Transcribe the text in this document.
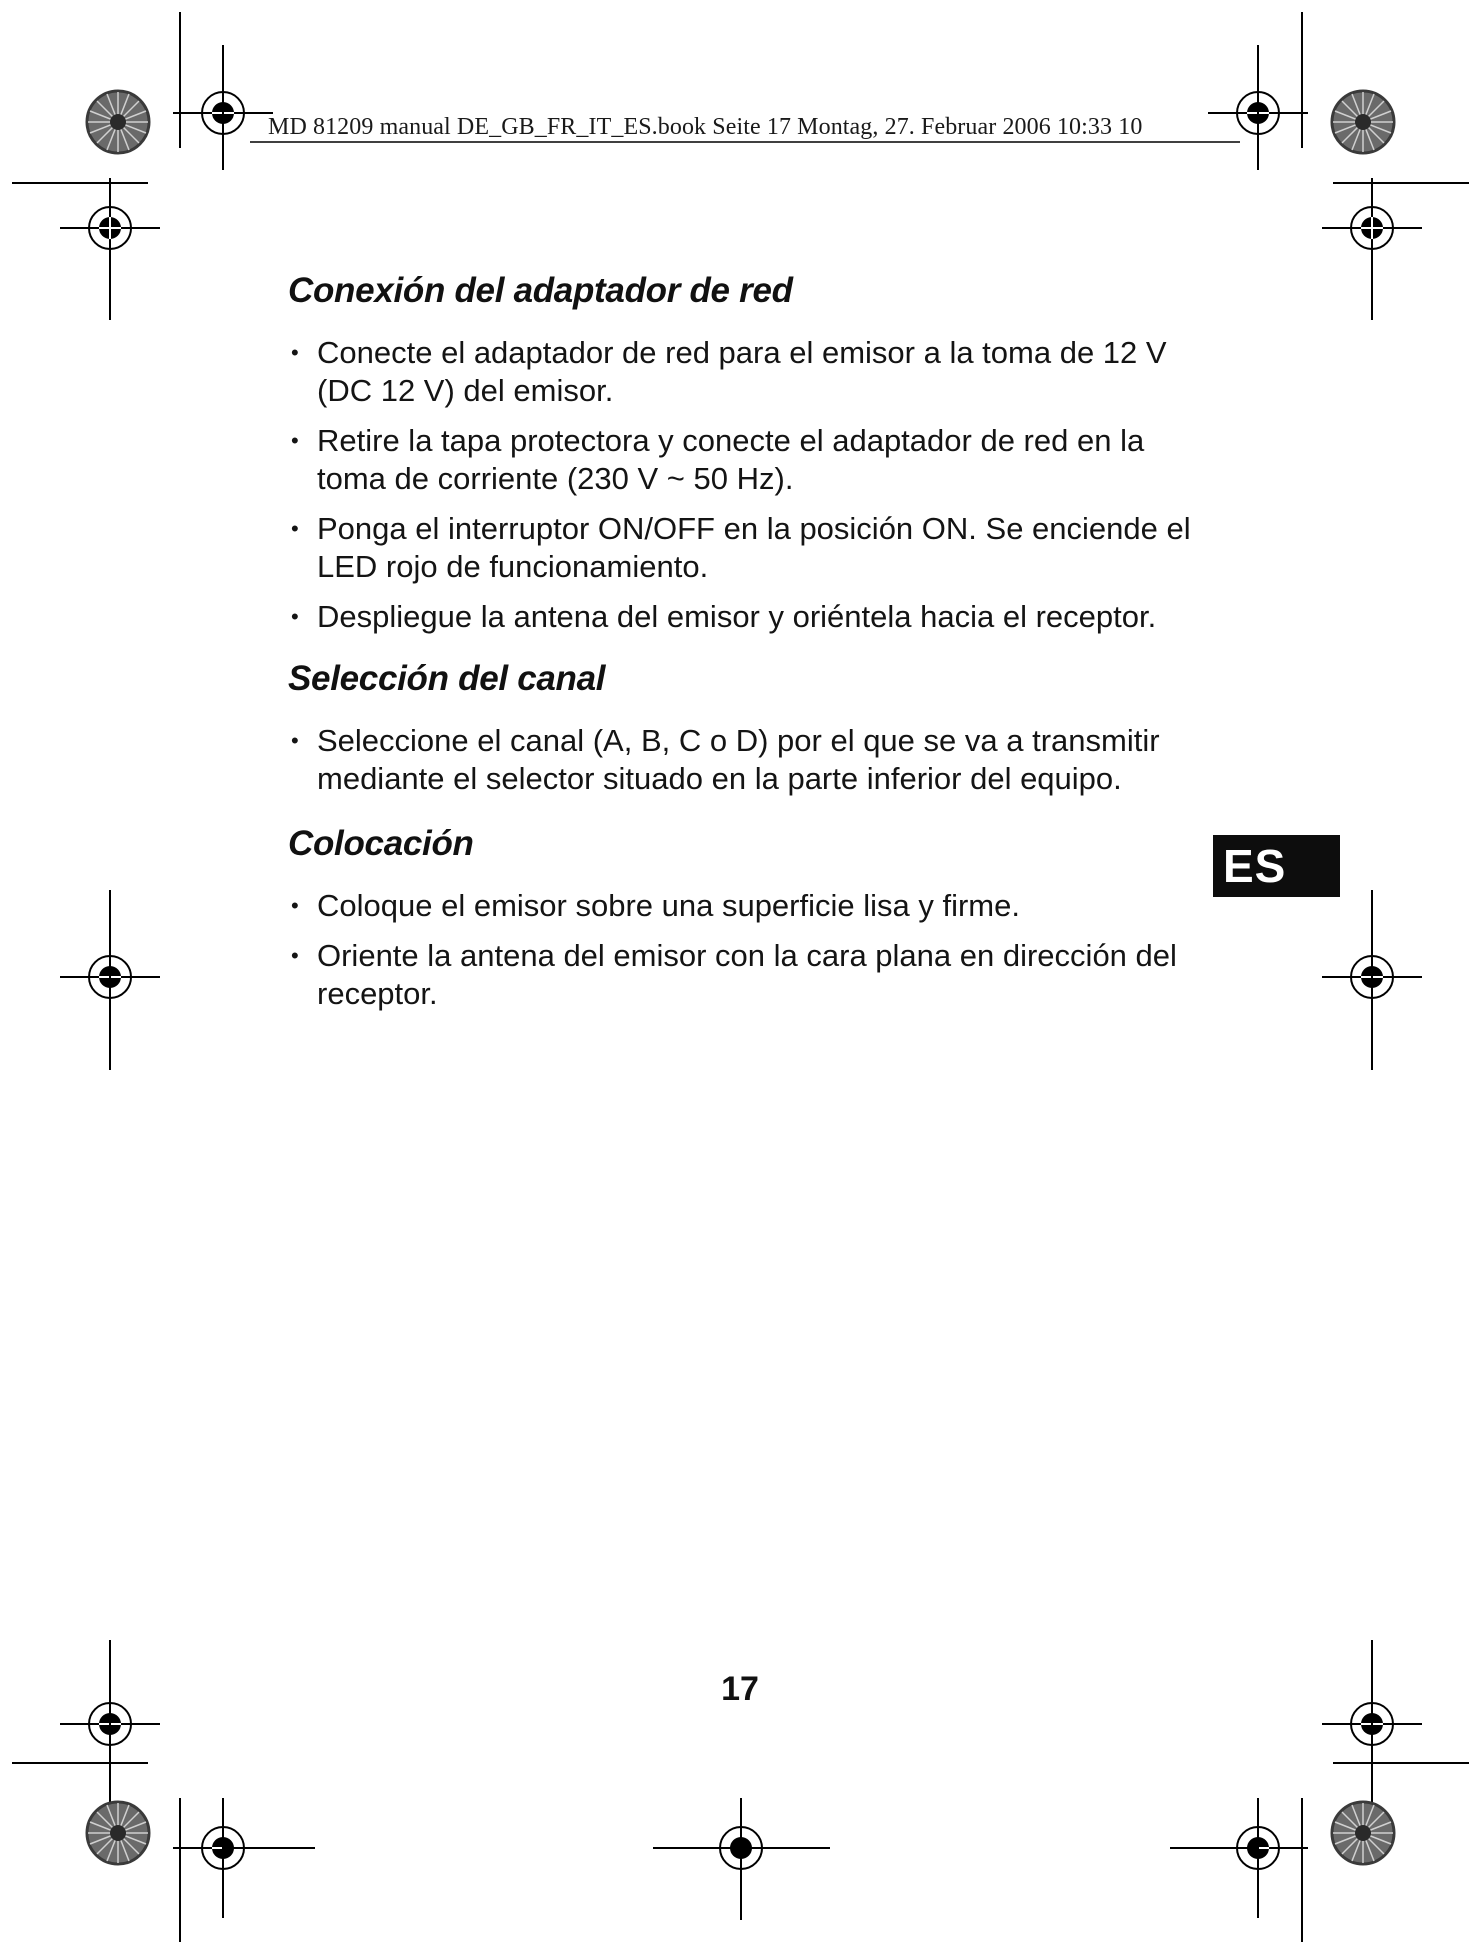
MD 81209 manual DE_GB_FR_IT_ES.book Seite 17 Montag, 27. Februar 2006 10:33 10
Conexión del adaptador de red
• Conecte el adaptador de red para el emisor a la toma de 12 V (DC 12 V) del emisor.
• Retire la tapa protectora y conecte el adaptador de red en la toma de corriente (230 V ~ 50 Hz).
• Ponga el interruptor ON/OFF en la posición ON. Se enciende el LED rojo de funcionamiento.
• Despliegue la antena del emisor y oriéntela hacia el receptor.
Selección del canal
• Seleccione el canal (A, B, C o D) por el que se va a transmitir mediante el selector situado en la parte inferior del equipo.
Colocación
• Coloque el emisor sobre una superficie lisa y firme.
• Oriente la antena del emisor con la cara plana en dirección del receptor.
ES
17
